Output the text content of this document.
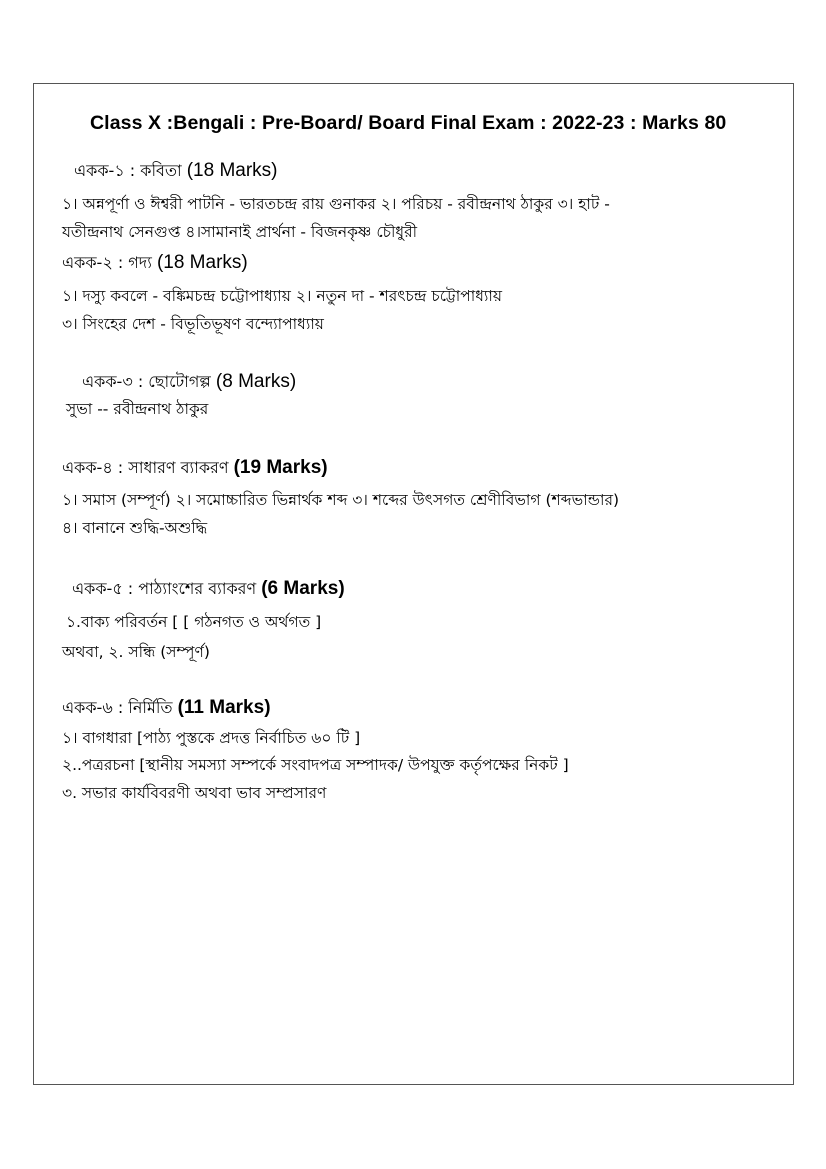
Class X :Bengali : Pre-Board/ Board Final Exam : 2022-23 : Marks 80
একক-১ : কবিতা (18 Marks)
১। অন্নপূর্ণা ও ঈশ্বরী পাটনি - ভারতচন্দ্র রায় গুনাকর ২। পরিচয় - রবীন্দ্রনাথ ঠাকুর ৩। হাট -
যতীন্দ্রনাথ সেনগুপ্ত ৪।সামানাই প্রার্থনা - বিজনকৃষ্ণ চৌধুরী
একক-২ : গদ্য (18 Marks)
১। দস্যু কবলে - বঙ্কিমচন্দ্র চট্টোপাধ্যায় ২। নতুন দা - শরৎচন্দ্র চট্টোপাধ্যায়
৩। সিংহের দেশ - বিভূতিভূষণ বন্দ্যোপাধ্যায়
একক-৩ : ছোটোগল্প (8 Marks)
সুভা -- রবীন্দ্রনাথ ঠাকুর
একক-৪ : সাধারণ ব্যাকরণ (19 Marks)
১। সমাস (সম্পূর্ণ) ২। সমোচ্চারিত ভিন্নার্থক শব্দ ৩। শব্দের উৎসগত শ্রেণীবিভাগ (শব্দভান্ডার)
৪। বানানে শুদ্ধি-অশুদ্ধি
একক-৫ : পাঠ্যাংশের ব্যাকরণ (6 Marks)
১.বাক্য পরিবর্তন [ [ গঠনগত ও অর্থগত ]
অথবা, ২. সন্ধি (সম্পূর্ণ)
একক-৬ : নির্মিতি (11 Marks)
১। বাগধারা [পাঠ্য পুস্তকে প্রদত্ত নির্বাচিত ৬০ টি ]
২..পত্ররচনা [স্থানীয় সমস্যা সম্পর্কে সংবাদপত্র সম্পাদক/ উপযুক্ত কর্তৃপক্ষের নিকট ]
৩. সভার কার্যবিবরণী অথবা ভাব সম্প্রসারণ
